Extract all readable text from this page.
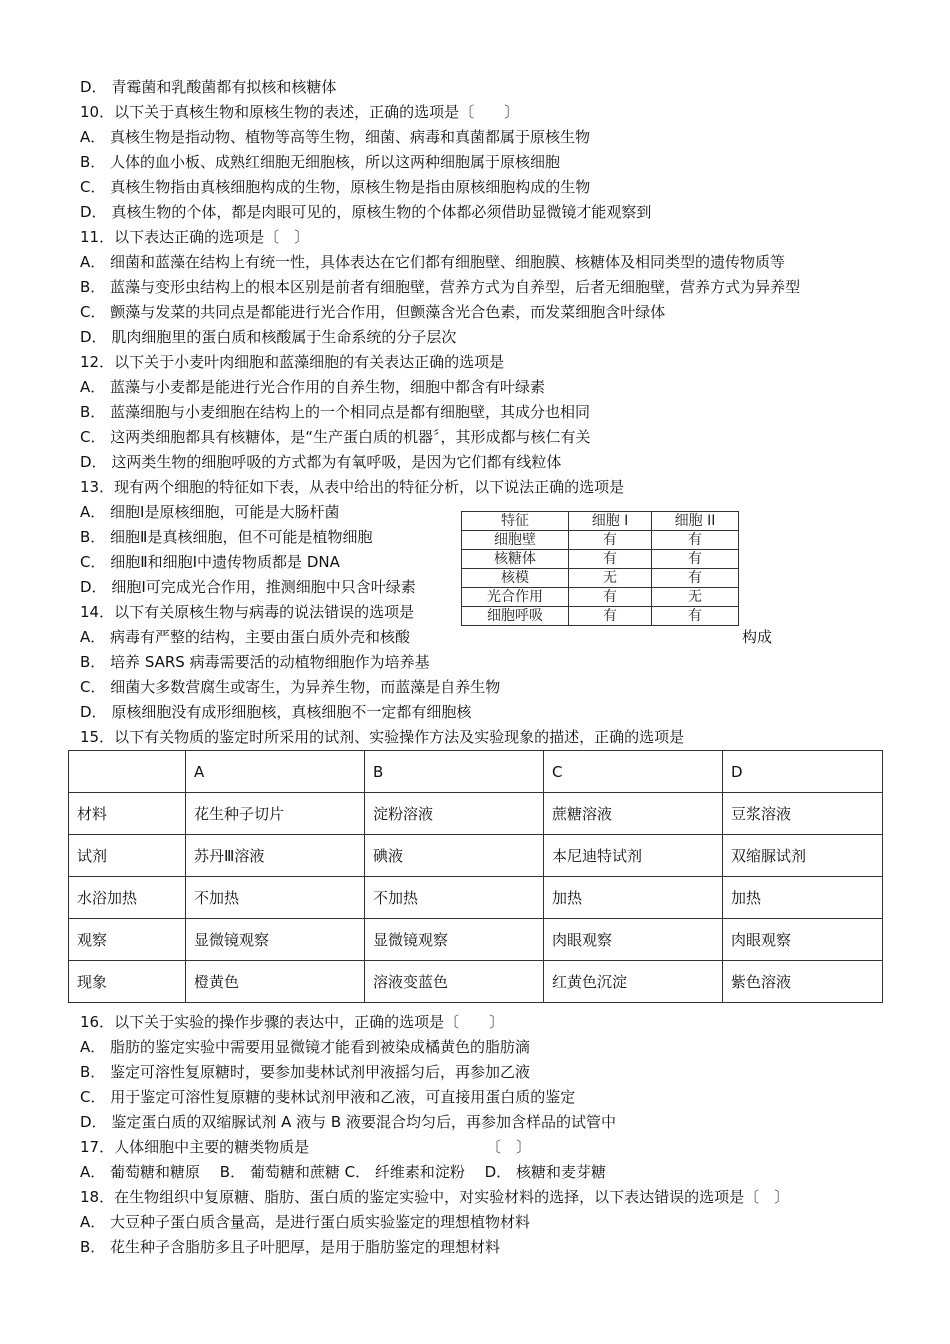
D． 青霉菌和乳酸菌都有拟核和核糖体
10．以下关于真核生物和原核生物的表述，正确的选项是〔　　〕
A． 真核生物是指动物、植物等高等生物，细菌、病毒和真菌都属于原核生物
B． 人体的血小板、成熟红细胞无细胞核，所以这两种细胞属于原核细胞
C． 真核生物指由真核细胞构成的生物，原核生物是指由原核细胞构成的生物
D． 真核生物的个体，都是肉眼可见的，原核生物的个体都必须借助显微镜才能观察到
11．以下表达正确的选项是〔　〕
A． 细菌和蓝藻在结构上有统一性，具体表达在它们都有细胞壁、细胞膜、核糖体及相同类型的遗传物质等
B． 蓝藻与变形虫结构上的根本区别是前者有细胞壁，营养方式为自养型，后者无细胞壁，营养方式为异养型
C． 颤藻与发菜的共同点是都能进行光合作用，但颤藻含光合色素，而发菜细胞含叶绿体
D． 肌肉细胞里的蛋白质和核酸属于生命系统的分子层次
12．以下关于小麦叶肉细胞和蓝藻细胞的有关表达正确的选项是
A． 蓝藻与小麦都是能进行光合作用的自养生物，细胞中都含有叶绿素
B． 蓝藻细胞与小麦细胞在结构上的一个相同点是都有细胞壁，其成分也相同
C． 这两类细胞都具有核糖体，是“生产蛋白质的机器〞，其形成都与核仁有关
D． 这两类生物的细胞呼吸的方式都为有氧呼吸，是因为它们都有线粒体
13．现有两个细胞的特征如下表，从表中给出的特征分析，以下说法正确的选项是
A． 细胞Ⅰ是原核细胞，可能是大肠杆菌
B． 细胞Ⅱ是真核细胞，但不可能是植物细胞
C． 细胞Ⅱ和细胞Ⅰ中遗传物质都是 DNA
D． 细胞Ⅰ可完成光合作用，推测细胞中只含叶绿素
14．以下有关原核生物与病毒的说法错误的选项是
A． 病毒有严整的结构，主要由蛋白质外壳和核酸	构成
B． 培养 SARS 病毒需要活的动植物细胞作为培养基
C． 细菌大多数营腐生或寄生，为异养生物，而蓝藻是自养生物
D． 原核细胞没有成形细胞核，真核细胞不一定都有细胞核
15．以下有关物质的鉴定时所采用的试剂、实验操作方法及实验现象的描述，正确的选项是
特征	细胞 I	细胞 II
细胞壁	有	有
核糖体	有	有
核模	无	有
光合作用	有	无
细胞呼吸	有	有
	A	B	C	D
材料	花生种子切片	淀粉溶液	蔗糖溶液	豆浆溶液
试剂	苏丹Ⅲ溶液	碘液	本尼迪特试剂	双缩脲试剂
水浴加热	不加热	不加热	加热	加热
观察	显微镜观察	显微镜观察	肉眼观察	肉眼观察
现象	橙黄色	溶液变蓝色	红黄色沉淀	紫色溶液
16．以下关于实验的操作步骤的表达中，正确的选项是〔　　〕
A． 脂肪的鉴定实验中需要用显微镜才能看到被染成橘黄色的脂肪滴
B． 鉴定可溶性复原糖时，要参加斐林试剂甲液摇匀后，再参加乙液
C． 用于鉴定可溶性复原糖的斐林试剂甲液和乙液，可直接用蛋白质的鉴定
D． 鉴定蛋白质的双缩脲试剂 A 液与 B 液要混合均匀后，再参加含样品的试管中
17．人体细胞中主要的糖类物质是	〔　〕
A． 葡萄糖和糖原　 B． 葡萄糖和蔗糖 C． 纤维素和淀粉　 D． 核糖和麦芽糖
18．在生物组织中复原糖、脂肪、蛋白质的鉴定实验中，对实验材料的选择，以下表达错误的选项是〔　〕
A． 大豆种子蛋白质含量高，是进行蛋白质实验鉴定的理想植物材料
B． 花生种子含脂肪多且子叶肥厚，是用于脂肪鉴定的理想材料
